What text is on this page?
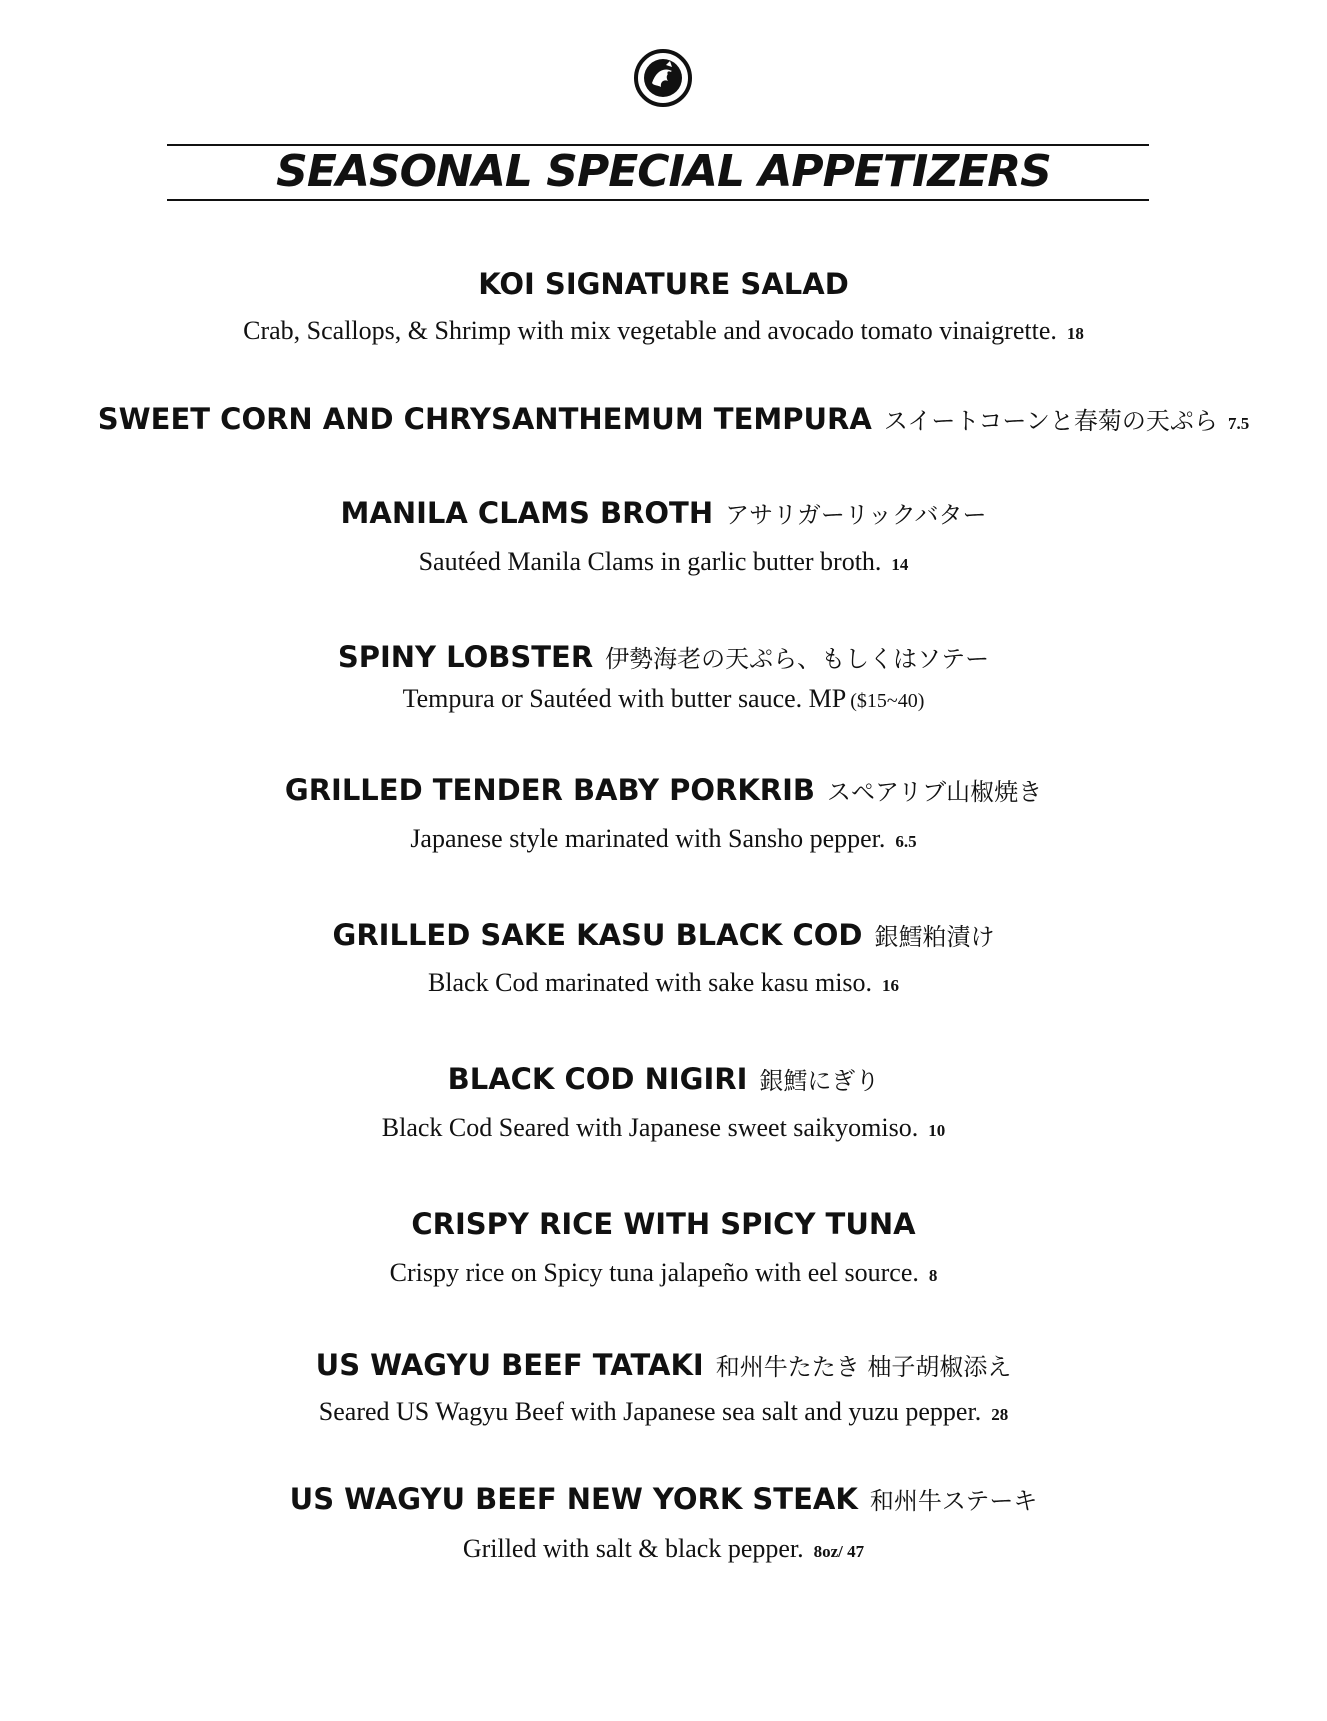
SEASONAL SPECIAL APPETIZERS
KOI SIGNATURE SALAD
Crab, Scallops, & Shrimp with mix vegetable and avocado tomato vinaigrette. 18
SWEET CORN AND CHRYSANTHEMUM TEMPURA スイートコーンと春菊の天ぷら 7.5
MANILA CLAMS BROTH アサリガーリックバター
Sautéed Manila Clams in garlic butter broth. 14
SPINY LOBSTER 伊勢海老の天ぷら、もしくはソテー
Tempura or Sautéed with butter sauce. MP ($15~40)
GRILLED TENDER BABY PORKRIB スペアリブ山椒焼き
Japanese style marinated with Sansho pepper. 6.5
GRILLED SAKE KASU BLACK COD 銀鱈粕漬け
Black Cod marinated with sake kasu miso. 16
BLACK COD NIGIRI 銀鱈にぎり
Black Cod Seared with Japanese sweet saikyomiso. 10
CRISPY RICE WITH SPICY TUNA
Crispy rice on Spicy tuna jalapeño with eel source. 8
US WAGYU BEEF TATAKI 和州牛たたき 柚子胡椒添え
Seared US Wagyu Beef with Japanese sea salt and yuzu pepper. 28
US WAGYU BEEF NEW YORK STEAK 和州牛ステーキ
Grilled with salt & black pepper. 8oz/ 47
